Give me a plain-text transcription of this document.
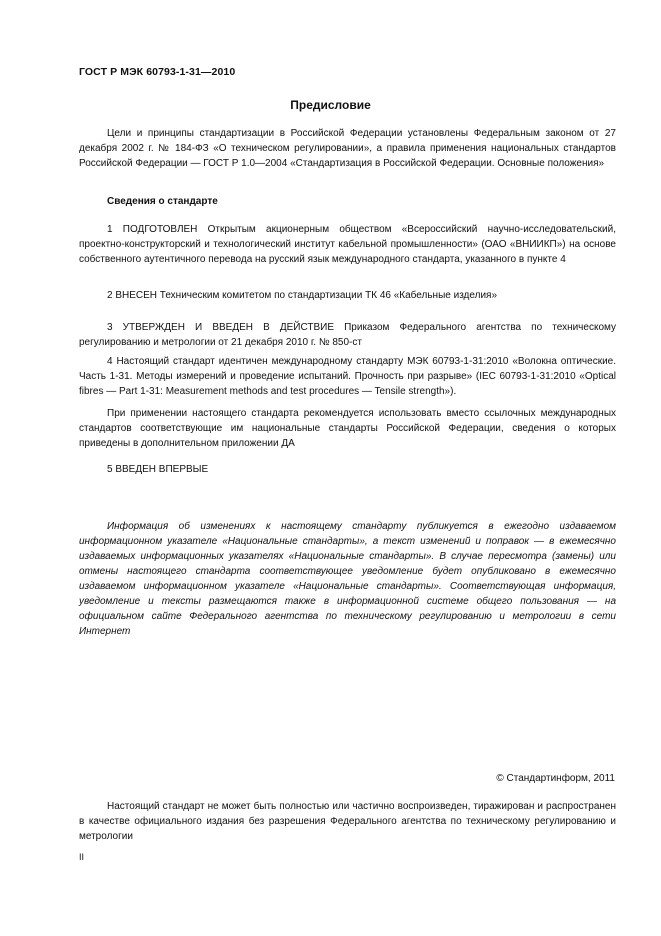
ГОСТ Р МЭК 60793-1-31—2010
Предисловие
Цели и принципы стандартизации в Российской Федерации установлены Федеральным законом от 27 декабря 2002 г. № 184-ФЗ «О техническом регулировании», а правила применения национальных стандартов Российской Федерации — ГОСТ Р 1.0—2004 «Стандартизация в Российской Федерации. Основные положения»
Сведения о стандарте
1 ПОДГОТОВЛЕН Открытым акционерным обществом «Всероссийский научно-исследовательский, проектно-конструкторский и технологический институт кабельной промышленности» (ОАО «ВНИИКП») на основе собственного аутентичного перевода на русский язык международного стандарта, указанного в пункте 4
2 ВНЕСЕН Техническим комитетом по стандартизации ТК 46 «Кабельные изделия»
3 УТВЕРЖДЕН И ВВЕДЕН В ДЕЙСТВИЕ Приказом Федерального агентства по техническому регулированию и метрологии от 21 декабря 2010 г. № 850-ст
4 Настоящий стандарт идентичен международному стандарту МЭК 60793-1-31:2010 «Волокна оптические. Часть 1-31. Методы измерений и проведение испытаний. Прочность при разрыве» (IEC 60793-1-31:2010 «Optical fibres — Part 1-31: Measurement methods and test procedures — Tensile strength»).
При применении настоящего стандарта рекомендуется использовать вместо ссылочных международных стандартов соответствующие им национальные стандарты Российской Федерации, сведения о которых приведены в дополнительном приложении ДА
5 ВВЕДЕН ВПЕРВЫЕ
Информация об изменениях к настоящему стандарту публикуется в ежегодно издаваемом информационном указателе «Национальные стандарты», а текст изменений и поправок — в ежемесячно издаваемых информационных указателях «Национальные стандарты». В случае пересмотра (замены) или отмены настоящего стандарта соответствующее уведомление будет опубликовано в ежемесячно издаваемом информационном указателе «Национальные стандарты». Соответствующая информация, уведомление и тексты размещаются также в информационной системе общего пользования — на официальном сайте Федерального агентства по техническому регулированию и метрологии в сети Интернет
© Стандартинформ, 2011
Настоящий стандарт не может быть полностью или частично воспроизведен, тиражирован и распространен в качестве официального издания без разрешения Федерального агентства по техническому регулированию и метрологии
II
